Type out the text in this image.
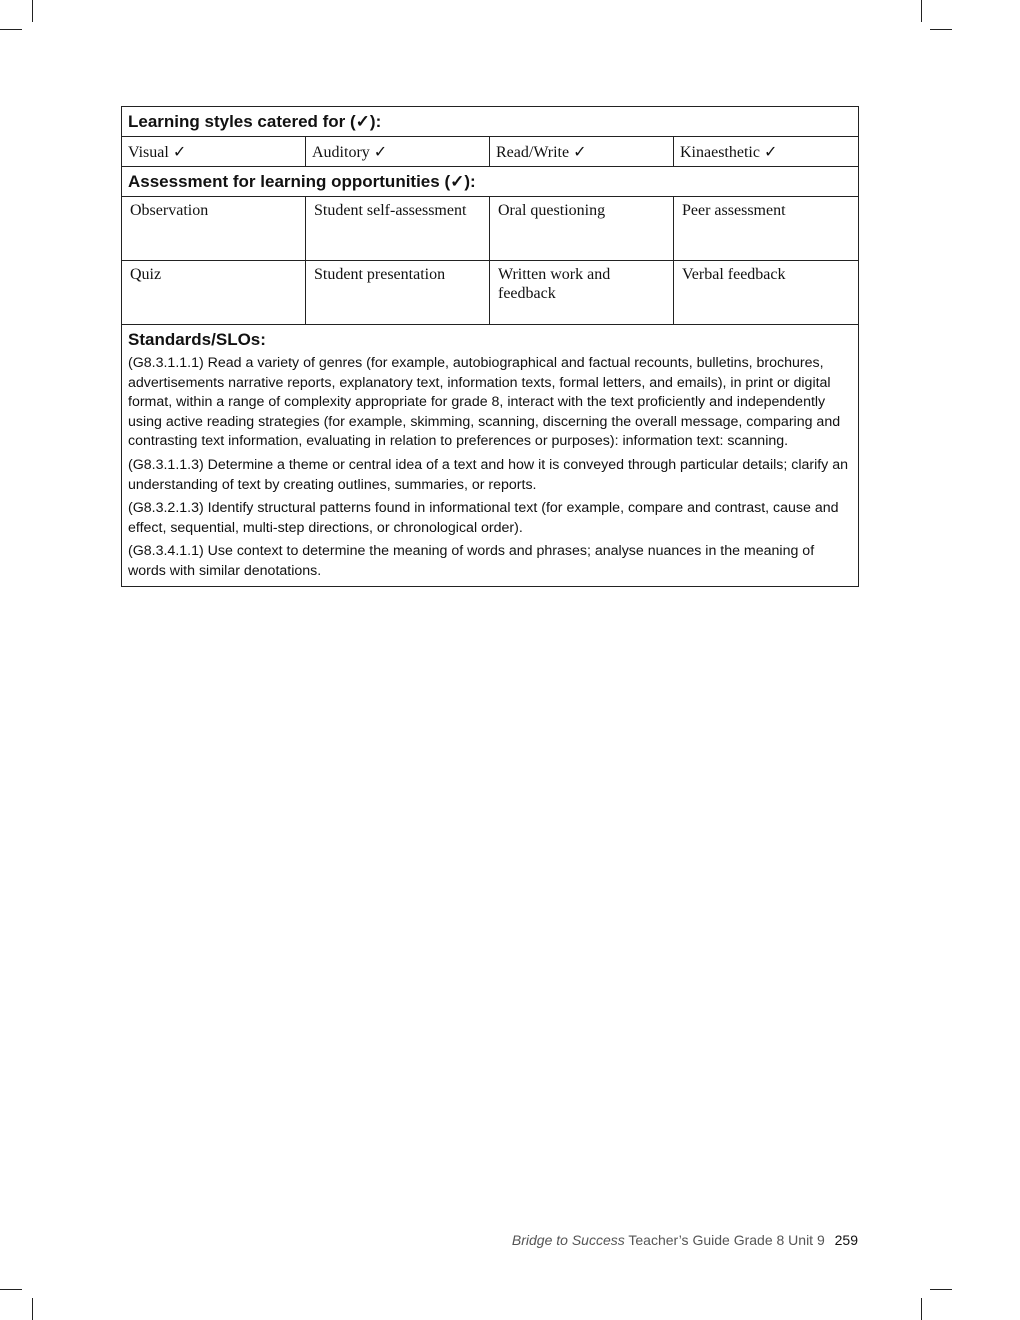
Learning styles catered for (✓):			
Visual ✓	Auditory ✓	Read/Write ✓	Kinaesthetic ✓
Assessment for learning opportunities (✓):			
Observation	Student self-assessment	Oral questioning	Peer assessment
Quiz	Student presentation	Written work and feedback	Verbal feedback

Standards/SLOs:
(G8.3.1.1.1) Read a variety of genres (for example, autobiographical and factual recounts, bulletins, brochures, advertisements narrative reports, explanatory text, information texts, formal letters, and emails), in print or digital format, within a range of complexity appropriate for grade 8, interact with the text proficiently and independently using active reading strategies (for example, skimming, scanning, discerning the overall message, comparing and contrasting text information, evaluating in relation to preferences or purposes): information text: scanning.
(G8.3.1.1.3) Determine a theme or central idea of a text and how it is conveyed through particular details; clarify an understanding of text by creating outlines, summaries, or reports.
(G8.3.2.1.3) Identify structural patterns found in informational text (for example, compare and contrast, cause and effect, sequential, multi-step directions, or chronological order).
(G8.3.4.1.1) Use context to determine the meaning of words and phrases; analyse nuances in the meaning of words with similar denotations.			
Bridge to Success Teacher’s Guide Grade 8 Unit 9 259
